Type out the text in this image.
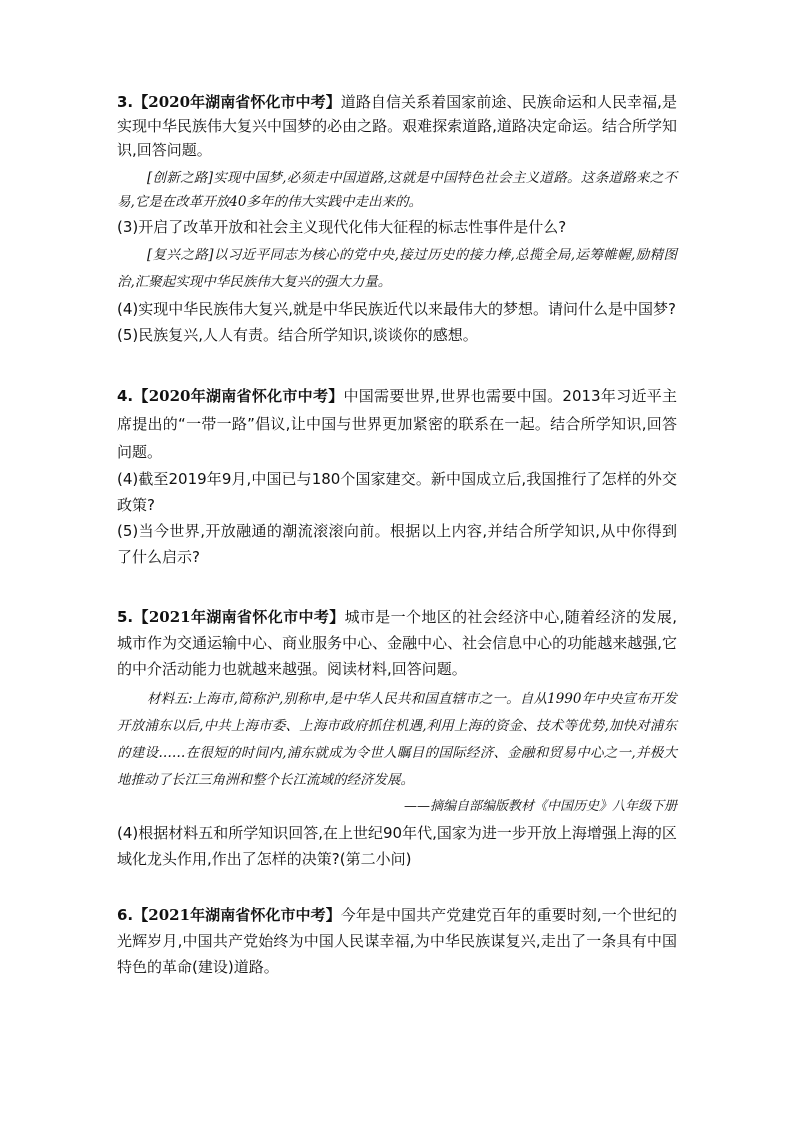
3.【2020年湖南省怀化市中考】道路自信关系着国家前途、民族命运和人民幸福,是实现中华民族伟大复兴中国梦的必由之路。艰难探索道路,道路决定命运。结合所学知识,回答问题。

[创新之路]实现中国梦,必须走中国道路,这就是中国特色社会主义道路。这条道路来之不易,它是在改革开放40多年的伟大实践中走出来的。

(3)开启了改革开放和社会主义现代化伟大征程的标志性事件是什么?

[复兴之路]以习近平同志为核心的党中央,接过历史的接力棒,总揽全局,运筹帷幄,励精图治,汇聚起实现中华民族伟大复兴的强大力量。

(4)实现中华民族伟大复兴,就是中华民族近代以来最伟大的梦想。请问什么是中国梦?

(5)民族复兴,人人有责。结合所学知识,谈谈你的感想。

4.【2020年湖南省怀化市中考】中国需要世界,世界也需要中国。2013年习近平主席提出的“一带一路”倡议,让中国与世界更加紧密的联系在一起。结合所学知识,回答问题。

(4)截至2019年9月,中国已与180个国家建交。新中国成立后,我国推行了怎样的外交政策?

(5)当今世界,开放融通的潮流滚滚向前。根据以上内容,并结合所学知识,从中你得到了什么启示?

5.【2021年湖南省怀化市中考】城市是一个地区的社会经济中心,随着经济的发展,城市作为交通运输中心、商业服务中心、金融中心、社会信息中心的功能越来越强,它的中介活动能力也就越来越强。阅读材料,回答问题。

材料五:上海市,简称沪,别称申,是中华人民共和国直辖市之一。自从1990年中央宣布开发开放浦东以后,中共上海市委、上海市政府抓住机遇,利用上海的资金、技术等优势,加快对浦东的建设……在很短的时间内,浦东就成为令世人瞩目的国际经济、金融和贸易中心之一,并极大地推动了长江三角洲和整个长江流域的经济发展。

——摘编自部编版教材《中国历史》八年级下册

(4)根据材料五和所学知识回答,在上世纪90年代,国家为进一步开放上海增强上海的区域化龙头作用,作出了怎样的决策?(第二小问)

6.【2021年湖南省怀化市中考】今年是中国共产党建党百年的重要时刻,一个世纪的光辉岁月,中国共产党始终为中国人民谋幸福,为中华民族谋复兴,走出了一条具有中国特色的革命(建设)道路。
